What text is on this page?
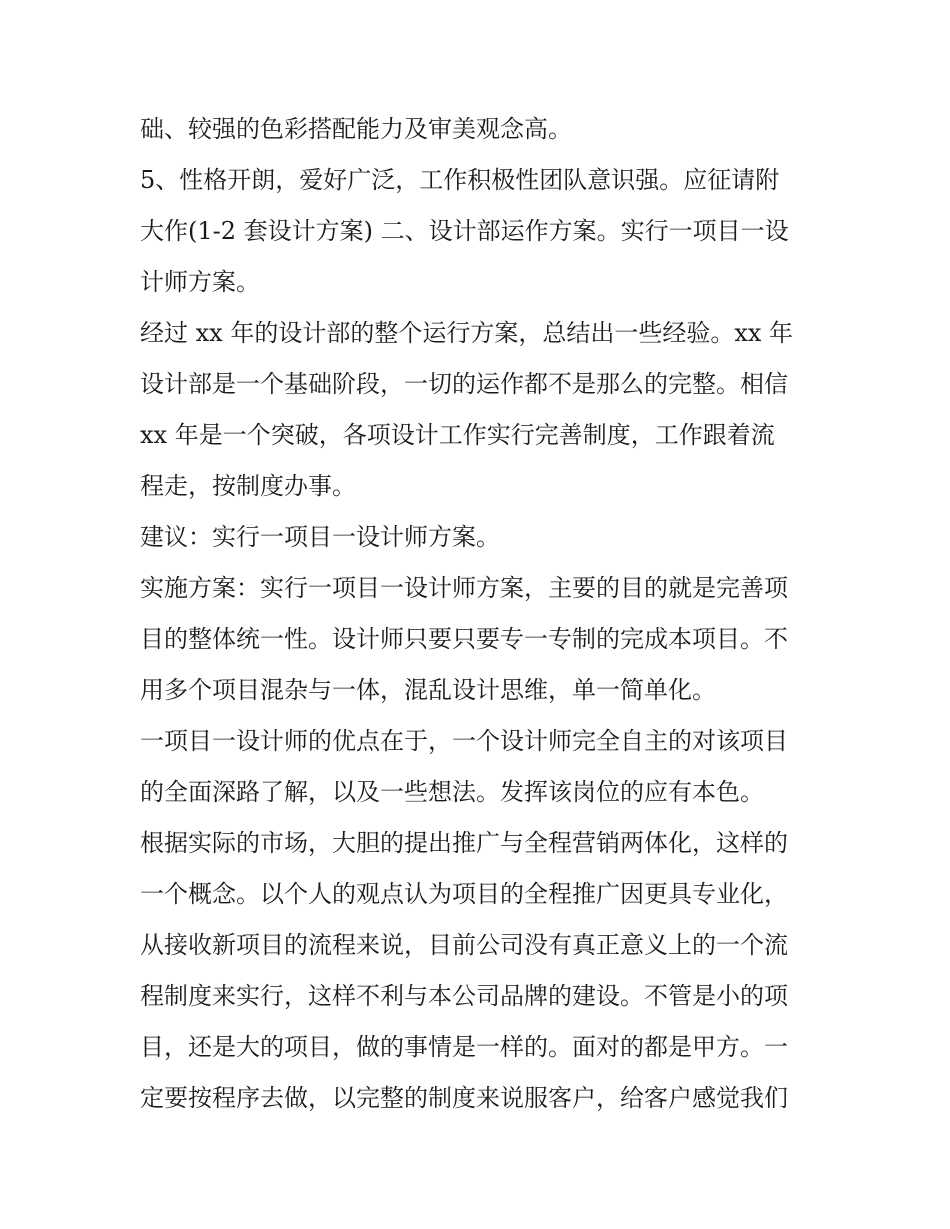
础、较强的色彩搭配能力及审美观念高。
5、性格开朗，爱好广泛，工作积极性团队意识强。应征请附
大作(1-2 套设计方案) 二、设计部运作方案。实行一项目一设
计师方案。
经过 xx 年的设计部的整个运行方案，总结出一些经验。xx 年
设计部是一个基础阶段，一切的运作都不是那么的完整。相信
xx 年是一个突破，各项设计工作实行完善制度，工作跟着流
程走，按制度办事。
建议：实行一项目一设计师方案。
实施方案：实行一项目一设计师方案，主要的目的就是完善项
目的整体统一性。设计师只要只要专一专制的完成本项目。不
用多个项目混杂与一体，混乱设计思维，单一简单化。
一项目一设计师的优点在于，一个设计师完全自主的对该项目
的全面深路了解，以及一些想法。发挥该岗位的应有本色。
根据实际的市场，大胆的提出推广与全程营销两体化，这样的
一个概念。以个人的观点认为项目的全程推广因更具专业化，
从接收新项目的流程来说，目前公司没有真正意义上的一个流
程制度来实行，这样不利与本公司品牌的建设。不管是小的项
目，还是大的项目，做的事情是一样的。面对的都是甲方。一
定要按程序去做，以完整的制度来说服客户，给客户感觉我们
